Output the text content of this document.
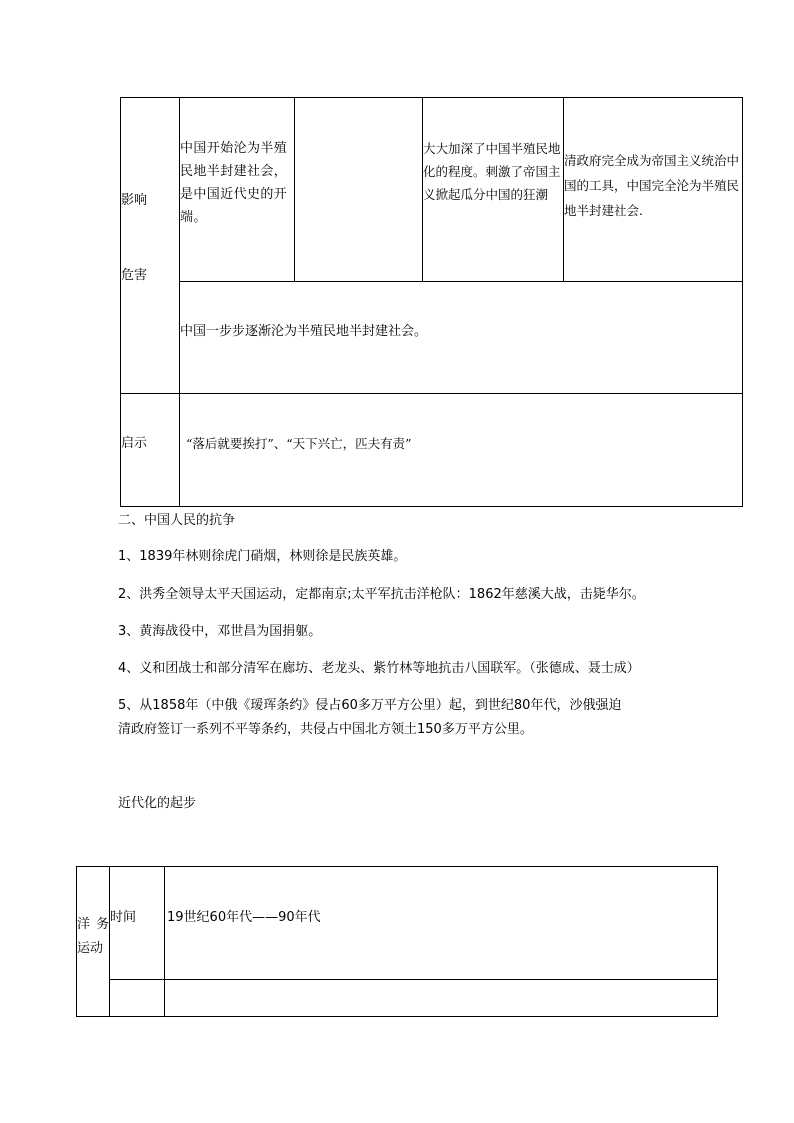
影响
危害
中国开始沦为半殖民地半封建社会，是中国近代史的开端。
大大加深了中国半殖民地化的程度。刺激了帝国主义掀起瓜分中国的狂潮
清政府完全成为帝国主义统治中国的工具，中国完全沦为半殖民地半封建社会.
中国一步步逐渐沦为半殖民地半封建社会。
启示	“落后就要挨打”、“天下兴亡，匹夫有责”
二、中国人民的抗争
1、1839年林则徐虎门硝烟，林则徐是民族英雄。
2、洪秀全领导太平天国运动，定都南京;太平军抗击洋枪队：1862年慈溪大战，击毙华尔。
3、黄海战役中，邓世昌为国捐躯。
4、义和团战士和部分清军在廊坊、老龙头、紫竹林等地抗击八国联军。（张德成、聂士成）
5、从1858年（中俄《瑷珲条约》侵占60多万平方公里）起，到世纪80年代，沙俄强迫
清政府签订一系列不平等条约，共侵占中国北方领土150多万平方公里。
近代化的起步
洋 务
运动
时间 19世纪60年代——90年代
